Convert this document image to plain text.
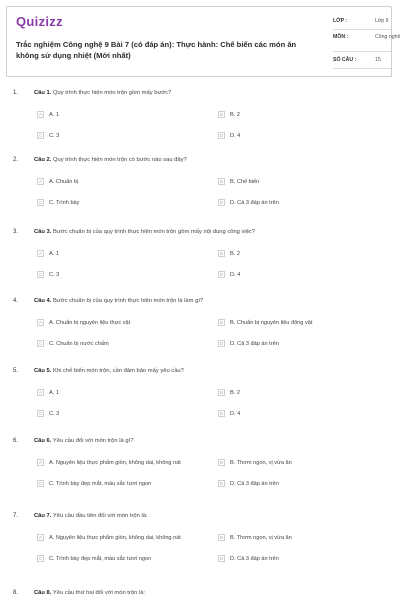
Quizizz
Trắc nghiệm Công nghệ 9 Bài 7 (có đáp án): Thực hành: Chế biến các món ăn không sử dụng nhiệt (Mới nhất)
LỚP :	Lớp 9
MÔN :	Công nghệ
SỐ CÂU :	15
1.	Câu 1. Quy trình thực hiện món trộn gồm mấy bước?
A	A. 1	B	B. 2
C	C. 3	D	D. 4
2.	Câu 2. Quy trình thực hiện món trộn có bước nào sau đây?
A	A. Chuẩn bị	B	B. Chế biến
C	C. Trình bày	D	D. Cả 3 đáp án trên
3.	Câu 3. Bước chuẩn bị của quy trình thực hiện món trộn gồm mấy nội dung công việc?
A	A. 1	B	B. 2
C	C. 3	D	D. 4
4.	Câu 4. Bước chuẩn bị của quy trình thực hiện món trộn là làm gì?
A	A. Chuẩn bị nguyên liệu thực vật	B	B. Chuẩn bị nguyên liệu động vật
C	C. Chuẩn bị nước chấm	D	D. Cả 3 đáp án trên
5.	Câu 5. Khi chế biến món trộn, cần đảm bảo mấy yêu cầu?
A	A. 1	B	B. 2
C	C. 3	D	D. 4
6.	Câu 6. Yêu cầu đối với món trộn là gì?
A	A. Nguyên liệu thực phẩm giòn, không dai, không nát	B	B. Thơm ngon, vị vừa ăn
C	C. Trình bày đẹp mắt, màu sắc tươi ngon	D	D. Cả 3 đáp án trên
7.	Câu 7. Yêu cầu đầu tiên đối với món trộn là:
A	A. Nguyên liệu thực phẩm giòn, không dai, không nát	B	B. Thơm ngon, vị vừa ăn
C	C. Trình bày đẹp mắt, màu sắc tươi ngon	D	D. Cả 3 đáp án trên
8.	Câu 8. Yêu cầu thứ hai đối với món trộn là:
